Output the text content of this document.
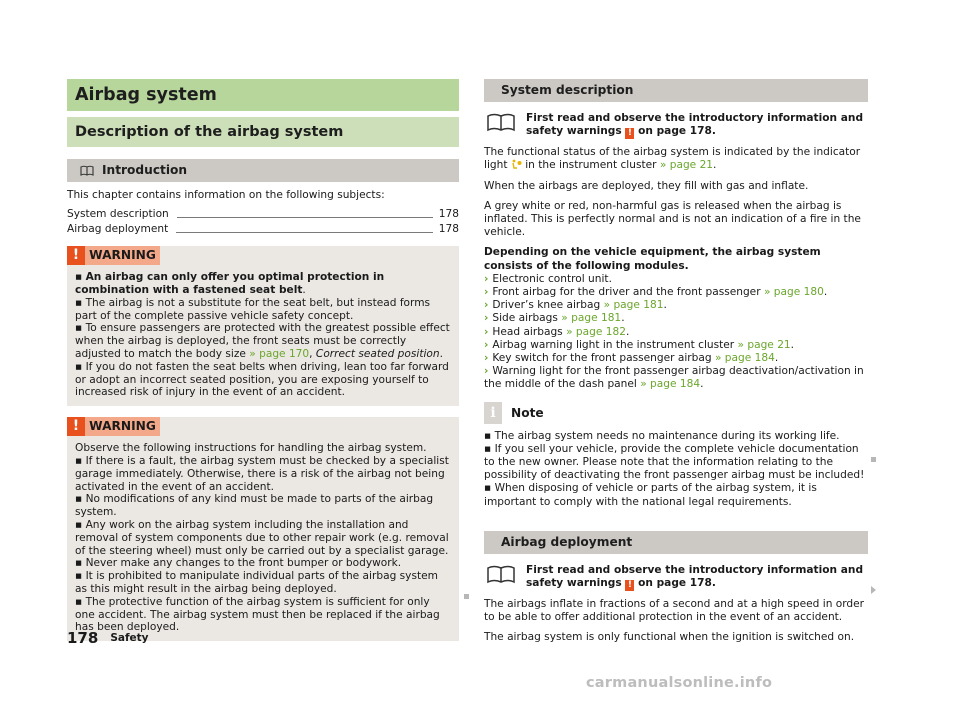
Airbag system
Description of the airbag system
Introduction

This chapter contains information on the following subjects:

System description	178
Airbag deployment	178
! WARNING

▪ An airbag can only offer you optimal protection in combination with a fastened seat belt.

▪ The airbag is not a substitute for the seat belt, but instead forms part of the complete passive vehicle safety concept.

▪ To ensure passengers are protected with the greatest possible effect when the airbag is deployed, the front seats must be correctly adjusted to match the body size » page 170, Correct seated position.

▪ If you do not fasten the seat belts when driving, lean too far forward or adopt an incorrect seated position, you are exposing yourself to increased risk of injury in the event of an accident.

! WARNING

Observe the following instructions for handling the airbag system.

▪ If there is a fault, the airbag system must be checked by a specialist garage immediately. Otherwise, there is a risk of the airbag not being activated in the event of an accident.

▪ No modifications of any kind must be made to parts of the airbag system.

▪ Any work on the airbag system including the installation and removal of system components due to other repair work (e.g. removal of the steering wheel) must only be carried out by a specialist garage.

▪ Never make any changes to the front bumper or bodywork.

▪ It is prohibited to manipulate individual parts of the airbag system as this might result in the airbag being deployed.

▪ The protective function of the airbag system is sufficient for only one accident. The airbag system must then be replaced if the airbag has been deployed.

System description

First read and observe the introductory information and safety warnings ! on page 178.

The functional status of the airbag system is indicated by the indicator light in the instrument cluster » page 21.

When the airbags are deployed, they fill with gas and inflate.

A grey white or red, non-harmful gas is released when the airbag is inflated. This is perfectly normal and is not an indication of a fire in the vehicle.

Depending on the vehicle equipment, the airbag system consists of the following modules.

› Electronic control unit.

› Front airbag for the driver and the front passenger » page 180.

› Driver’s knee airbag » page 181.

› Side airbags » page 181.

› Head airbags » page 182.

› Airbag warning light in the instrument cluster » page 21.

› Key switch for the front passenger airbag » page 184.

› Warning light for the front passenger airbag deactivation/activation in the middle of the dash panel » page 184.

i	Note

▪ The airbag system needs no maintenance during its working life.

▪ If you sell your vehicle, provide the complete vehicle documentation to the new owner. Please note that the information relating to the possibility of deactivating the front passenger airbag must be included!

▪ When disposing of vehicle or parts of the airbag system, it is important to comply with the national legal requirements.

Airbag deployment

First read and observe the introductory information and safety warnings ! on page 178.

The airbags inflate in fractions of a second and at a high speed in order to be able to offer additional protection in the event of an accident.

The airbag system is only functional when the ignition is switched on.

178 Safety
carmanualsonline.info
